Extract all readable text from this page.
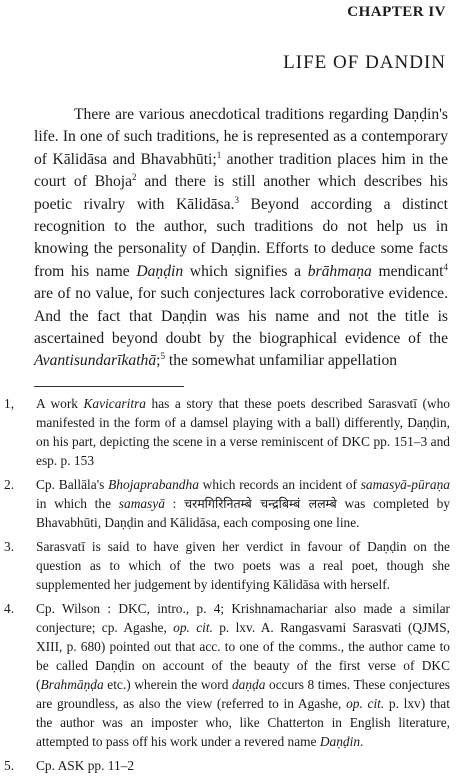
CHAPTER IV
LIFE OF DANDIN

There are various anecdotical traditions regarding Daṇḍin's life. In one of such traditions, he is represented as a contemporary of Kālidāsa and Bhavabhūti;$^1$ another tradition places him in the court of Bhoja$^2$ and there is still another which describes his poetic rivalry with Kālidāsa.$^3$ Beyond according a distinct recognition to the author, such traditions do not help us in knowing the personality of Daṇḍin. Efforts to deduce some facts from his name Daṇḍin which signifies a brāhmaṇa mendicant$^4$ are of no value, for such conjectures lack corroborative evidence. And the fact that Daṇḍin was his name and not the title is ascertained beyond doubt by the biographical evidence of the Avantisundarīkathā;$^5$ the somewhat unfamiliar appellation

1, A work Kavicaritra has a story that these poets described Sarasvatī (who manifested in the form of a damsel playing with a ball) differently, Daṇḍin, on his part, depicting the scene in a verse reminiscent of DKC pp. 151–3 and esp. p. 153
2. Cp. Ballāla's Bhojaprabandha which records an incident of samasyā-pūraṇa in which the samasyā : चरमगिरिनितम्बे चन्द्रबिम्बं ललम्बे was completed by Bhavabhūti, Daṇḍin and Kālidāsa, each composing one line.
3. Sarasvatī is said to have given her verdict in favour of Daṇḍin on the question as to which of the two poets was a real poet, though she supplemented her judgement by identifying Kālidāsa with herself.
4. Cp. Wilson : DKC, intro., p. 4; Krishnamachariar also made a similar conjecture; cp. Agashe, op. cit. p. lxv. A. Rangasvami Sarasvati (QJMS, XIII, p. 680) pointed out that acc. to one of the comms., the author came to be called Daṇḍin on account of the beauty of the first verse of DKC (Brahmāṇḍa etc.) wherein the word daṇḍa occurs 8 times. These conjectures are groundless, as also the view (referred to in Agashe, op. cit. p. lxv) that the author was an imposter who, like Chatterton in English literature, attempted to pass off his work under a revered name Daṇḍin.
5. Cp. ASK pp. 11–2
